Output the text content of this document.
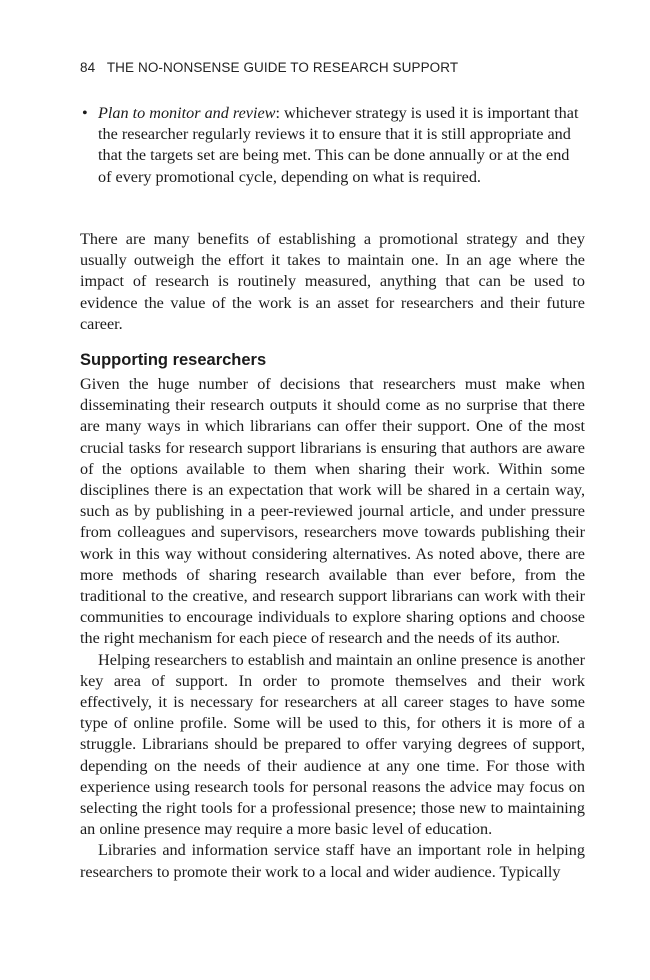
84 THE NO-NONSENSE GUIDE TO RESEARCH SUPPORT
• Plan to monitor and review: whichever strategy is used it is important that the researcher regularly reviews it to ensure that it is still appropriate and that the targets set are being met. This can be done annually or at the end of every promotional cycle, depending on what is required.

There are many benefits of establishing a promotional strategy and they usually outweigh the effort it takes to maintain one. In an age where the impact of research is routinely measured, anything that can be used to evidence the value of the work is an asset for researchers and their future career.

Supporting researchers

Given the huge number of decisions that researchers must make when disseminating their research outputs it should come as no surprise that there are many ways in which librarians can offer their support. One of the most crucial tasks for research support librarians is ensuring that authors are aware of the options available to them when sharing their work. Within some disciplines there is an expectation that work will be shared in a certain way, such as by publishing in a peer-reviewed journal article, and under pressure from colleagues and supervisors, researchers move towards publishing their work in this way without considering alternatives. As noted above, there are more methods of sharing research available than ever before, from the traditional to the creative, and research support librarians can work with their communities to encourage individuals to explore sharing options and choose the right mechanism for each piece of research and the needs of its author.

Helping researchers to establish and maintain an online presence is another key area of support. In order to promote themselves and their work effectively, it is necessary for researchers at all career stages to have some type of online profile. Some will be used to this, for others it is more of a struggle. Librarians should be prepared to offer varying degrees of support, depending on the needs of their audience at any one time. For those with experience using research tools for personal reasons the advice may focus on selecting the right tools for a professional presence; those new to maintaining an online presence may require a more basic level of education.

Libraries and information service staff have an important role in helping researchers to promote their work to a local and wider audience. Typically
